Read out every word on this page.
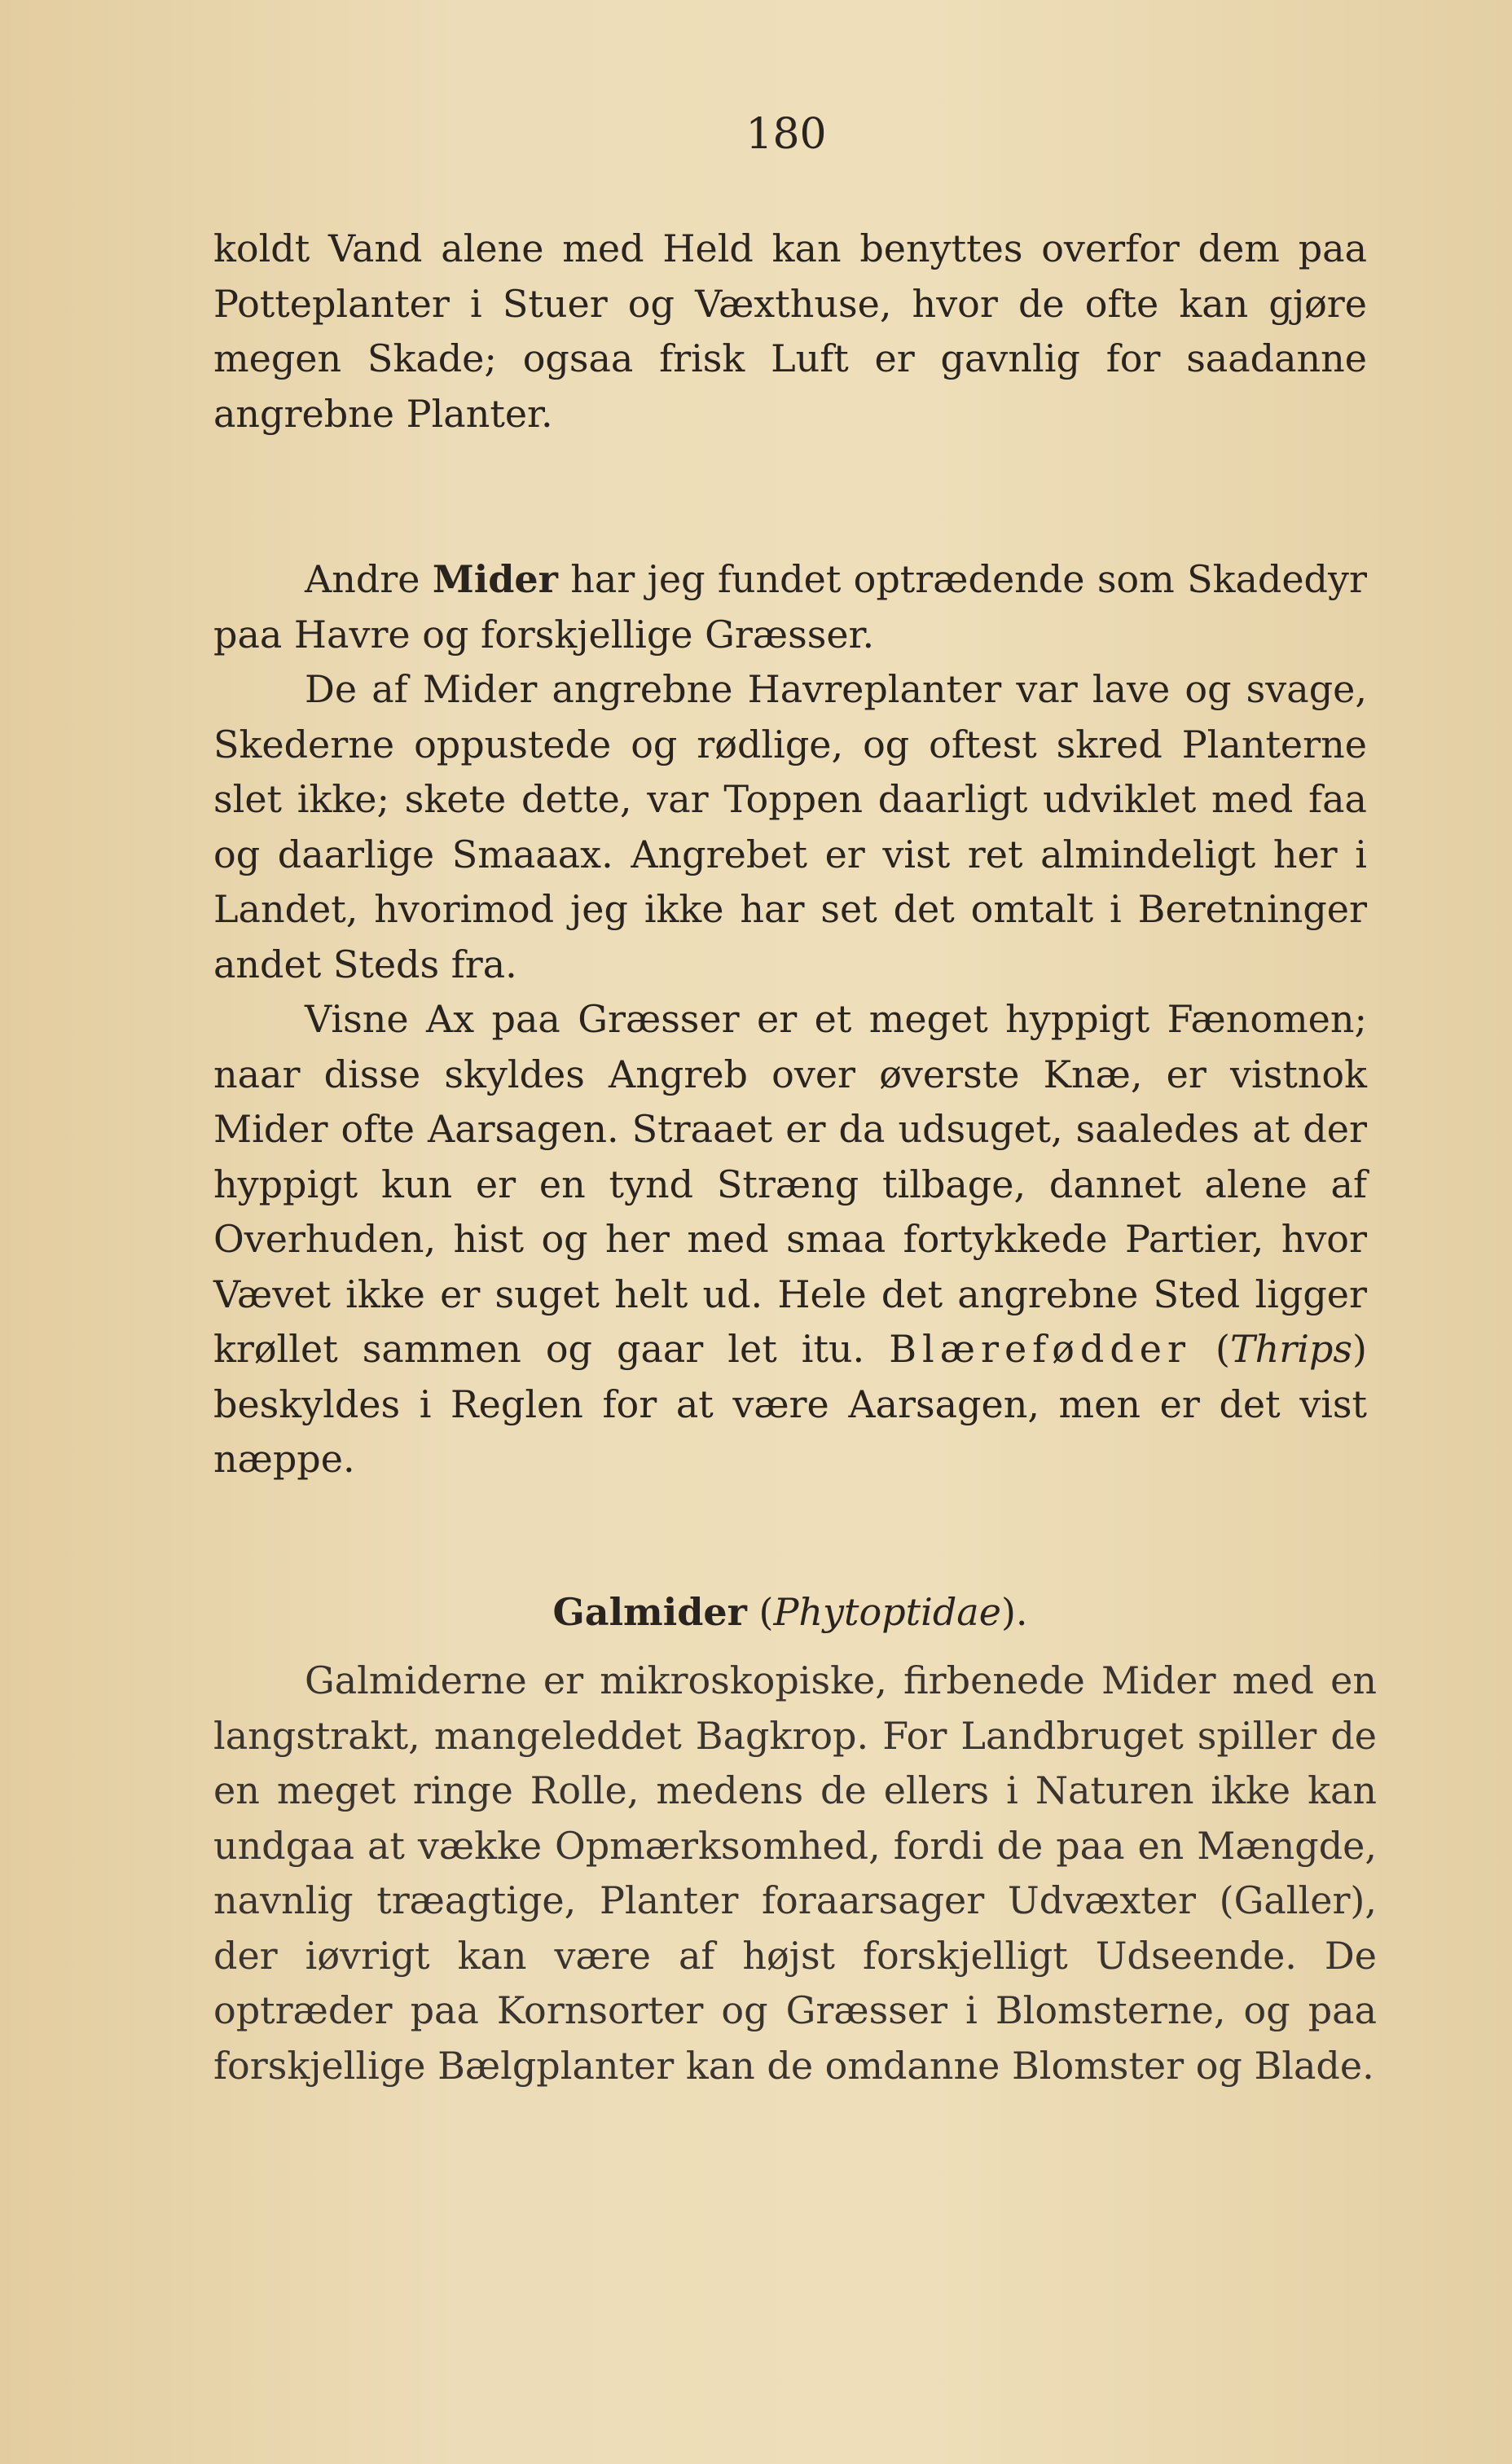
180

koldt Vand alene med Held kan benyttes overfor dem paa Potteplanter i Stuer og Væxthuse, hvor de ofte kan gjøre megen Skade; ogsaa frisk Luft er gavnlig for saadanne angrebne Planter.

Andre Mider har jeg fundet optrædende som Skadedyr paa Havre og forskjellige Græsser.

De af Mider angrebne Havreplanter var lave og svage, Skederne oppustede og rødlige, og oftest skred Planterne slet ikke; skete dette, var Toppen daarligt udviklet med faa og daarlige Smaaax. Angrebet er vist ret almindeligt her i Landet, hvorimod jeg ikke har set det omtalt i Beretninger andet Steds fra.

Visne Ax paa Græsser er et meget hyppigt Fænomen; naar disse skyldes Angreb over øverste Knæ, er vistnok Mider ofte Aarsagen. Straaet er da udsuget, saaledes at der hyppigt kun er en tynd Stræng tilbage, dannet alene af Overhuden, hist og her med smaa fortykkede Partier, hvor Vævet ikke er suget helt ud. Hele det angrebne Sted ligger krøllet sammen og gaar let itu. Blærefødder (Thrips) beskyldes i Reglen for at være Aarsagen, men er det vist næppe.

Galmider (Phytoptidae).

Galmiderne er mikroskopiske, firbenede Mider med en langstrakt, mangeleddet Bagkrop. For Landbruget spiller de en meget ringe Rolle, medens de ellers i Naturen ikke kan undgaa at vække Opmærksomhed, fordi de paa en Mængde, navnlig træagtige, Planter foraarsager Udvæxter (Galler), der iøvrigt kan være af højst forskjelligt Udseende. De optræder paa Kornsorter og Græsser i Blomsterne, og paa forskjellige Bælgplanter kan de omdanne Blomster og Blade.
